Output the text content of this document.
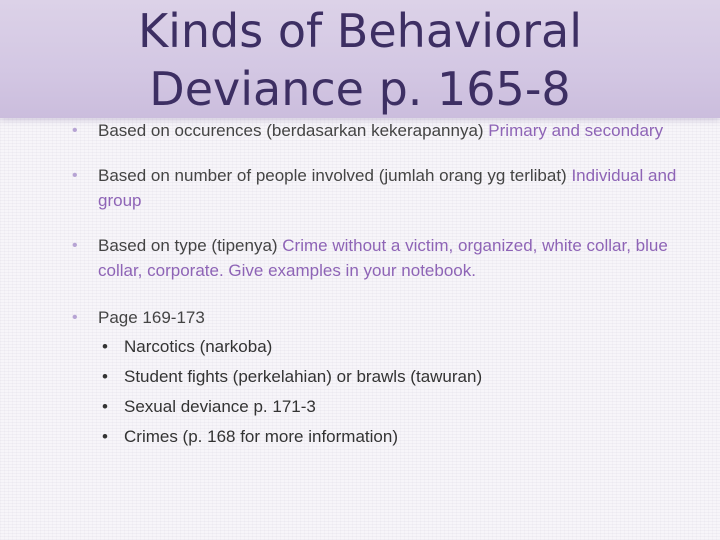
Kinds of Behavioral
Deviance p. 165-8
• Based on occurences (berdasarkan kekerapannya) Primary and secondary
• Based on number of people involved (jumlah orang yg terlibat) Individual and group
• Based on type (tipenya) Crime without a victim, organized, white collar, blue collar, corporate. Give examples in your notebook.
• Page 169-173
• Narcotics (narkoba)
• Student fights (perkelahian) or brawls (tawuran)
• Sexual deviance p. 171-3
• Crimes (p. 168 for more information)
